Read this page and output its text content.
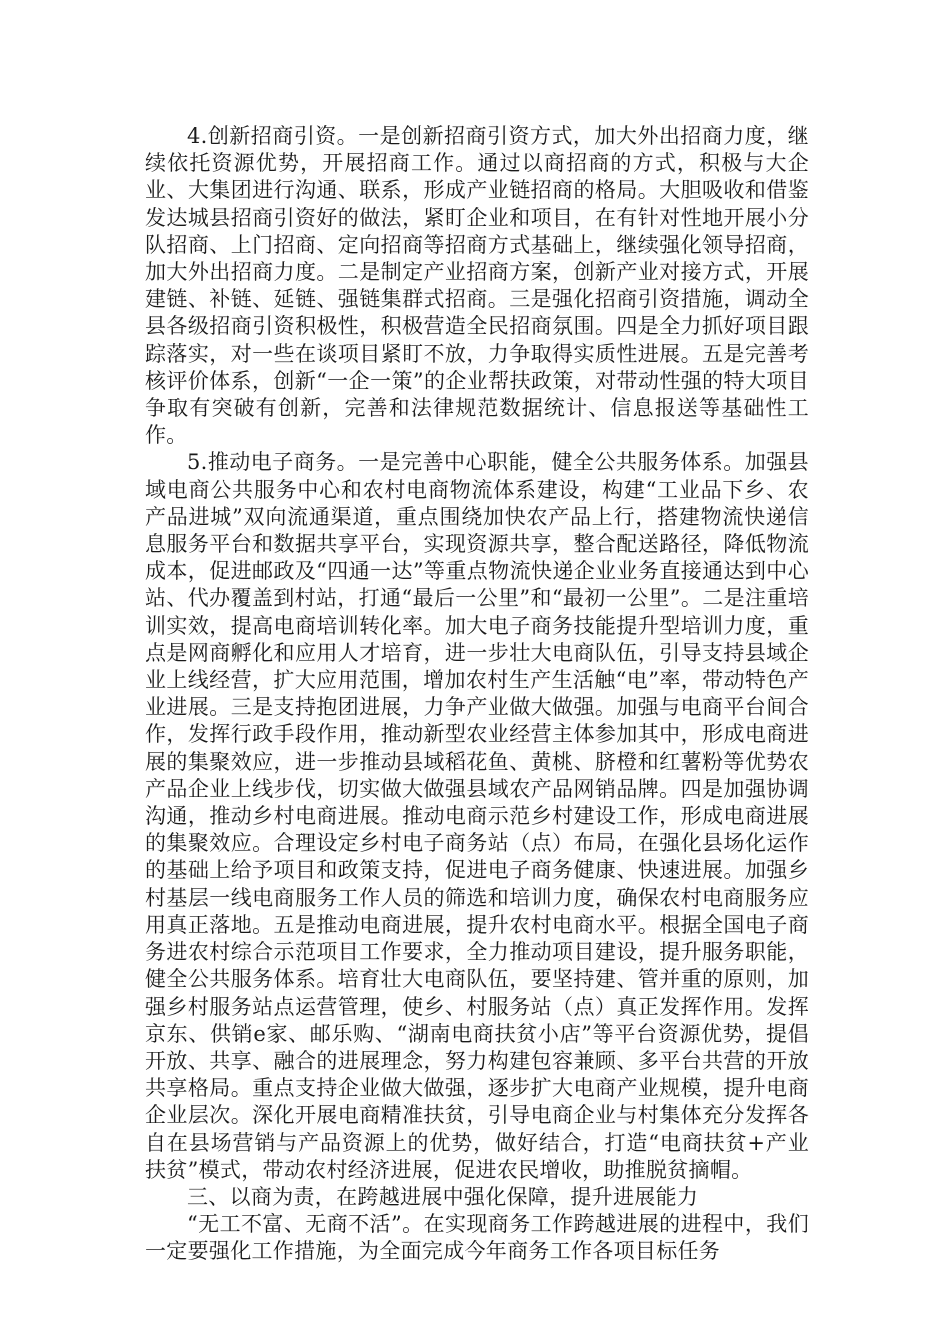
4.创新招商引资。一是创新招商引资方式，加大外出招商力度，继续依托资源优势，开展招商工作。通过以商招商的方式，积极与大企业、大集团进行沟通、联系，形成产业链招商的格局。大胆吸收和借鉴发达城县招商引资好的做法，紧盯企业和项目，在有针对性地开展小分队招商、上门招商、定向招商等招商方式基础上，继续强化领导招商，加大外出招商力度。二是制定产业招商方案，创新产业对接方式，开展建链、补链、延链、强链集群式招商。三是强化招商引资措施，调动全县各级招商引资积极性，积极营造全民招商氛围。四是全力抓好项目跟踪落实，对一些在谈项目紧盯不放，力争取得实质性进展。五是完善考核评价体系，创新“一企一策”的企业帮扶政策，对带动性强的特大项目争取有突破有创新，完善和法律规范数据统计、信息报送等基础性工作。

5.推动电子商务。一是完善中心职能，健全公共服务体系。加强县域电商公共服务中心和农村电商物流体系建设，构建“工业品下乡、农产品进城”双向流通渠道，重点围绕加快农产品上行，搭建物流快递信息服务平台和数据共享平台，实现资源共享，整合配送路径，降低物流成本，促进邮政及“四通一达”等重点物流快递企业业务直接通达到中心站、代办覆盖到村站，打通“最后一公里”和“最初一公里”。二是注重培训实效，提高电商培训转化率。加大电子商务技能提升型培训力度，重点是网商孵化和应用人才培育，进一步壮大电商队伍，引导支持县域企业上线经营，扩大应用范围，增加农村生产生活触“电”率，带动特色产业进展。三是支持抱团进展，力争产业做大做强。加强与电商平台间合作，发挥行政手段作用，推动新型农业经营主体参加其中，形成电商进展的集聚效应，进一步推动县域稻花鱼、黄桃、脐橙和红薯粉等优势农产品企业上线步伐，切实做大做强县域农产品网销品牌。四是加强协调沟通，推动乡村电商进展。推动电商示范乡村建设工作，形成电商进展的集聚效应。合理设定乡村电子商务站（点）布局，在强化县场化运作的基础上给予项目和政策支持，促进电子商务健康、快速进展。加强乡村基层一线电商服务工作人员的筛选和培训力度，确保农村电商服务应用真正落地。五是推动电商进展，提升农村电商水平。根据全国电子商务进农村综合示范项目工作要求，全力推动项目建设，提升服务职能，健全公共服务体系。培育壮大电商队伍，要坚持建、管并重的原则，加强乡村服务站点运营管理，使乡、村服务站（点）真正发挥作用。发挥京东、供销e家、邮乐购、“湖南电商扶贫小店”等平台资源优势，提倡开放、共享、融合的进展理念，努力构建包容兼顾、多平台共营的开放共享格局。重点支持企业做大做强，逐步扩大电商产业规模，提升电商企业层次。深化开展电商精准扶贫，引导电商企业与村集体充分发挥各自在县场营销与产品资源上的优势，做好结合，打造“电商扶贫+产业扶贫”模式，带动农村经济进展，促进农民增收，助推脱贫摘帽。

三、以商为责，在跨越进展中强化保障，提升进展能力

“无工不富、无商不活”。在实现商务工作跨越进展的进程中，我们一定要强化工作措施，为全面完成今年商务工作各项目标任务
